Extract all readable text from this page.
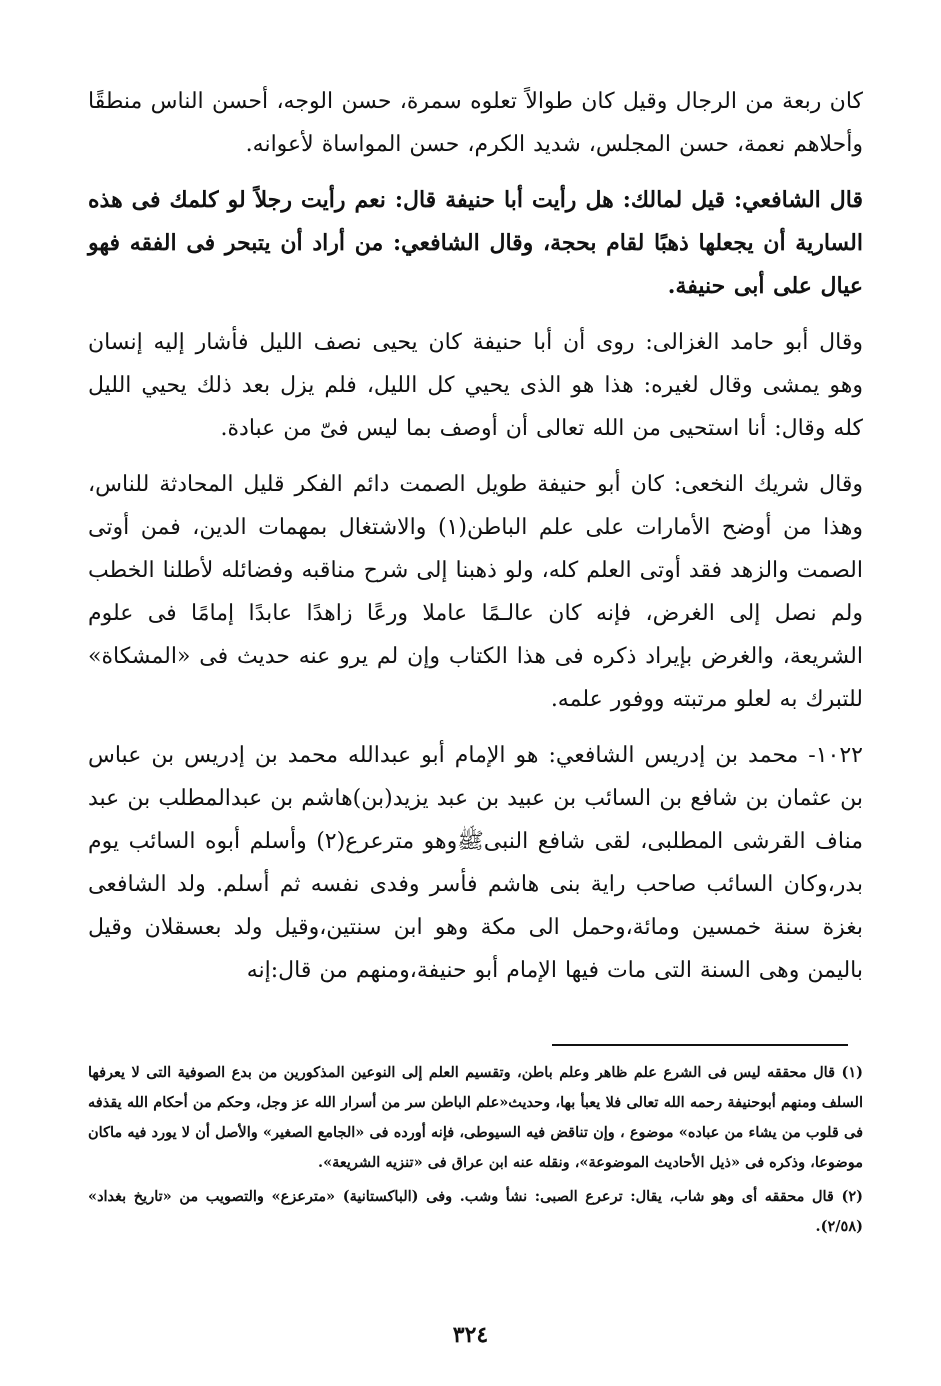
كان ربعة من الرجال وقيل كان طوالاً تعلوه سمرة، حسن الوجه، أحسن الناس منطقًا وأحلاهم نعمة، حسن المجلس، شديد الكرم، حسن المواساة لأعوانه.

قال الشافعي: قيل لمالك: هل رأيت أبا حنيفة قال: نعم رأيت رجلاً لو كلمك فى هذه السارية أن يجعلها ذهبًا لقام بحجة، وقال الشافعي: من أراد أن يتبحر فى الفقه فهو عيال على أبى حنيفة.

وقال أبو حامد الغزالى: روى أن أبا حنيفة كان يحيى نصف الليل فأشار إليه إنسان وهو يمشى وقال لغيره: هذا هو الذى يحيي كل الليل، فلم يزل بعد ذلك يحيي الليل كله وقال: أنا استحيى من الله تعالى أن أوصف بما ليس فىّ من عبادة.

وقال شريك النخعى: كان أبو حنيفة طويل الصمت دائم الفكر قليل المحادثة للناس، وهذا من أوضح الأمارات على علم الباطن(١) والاشتغال بمهمات الدين، فمن أوتى الصمت والزهد فقد أوتى العلم كله، ولو ذهبنا إلى شرح مناقبه وفضائله لأطلنا الخطب ولم نصل إلى الغرض، فإنه كان عالـمًا عاملا ورعًا زاهدًا عابدًا إمامًا فى علوم الشريعة، والغرض بإيراد ذكره فى هذا الكتاب وإن لم يرو عنه حديث فى «المشكاة» للتبرك به لعلو مرتبته ووفور علمه.

١٠٢٢- محمد بن إدريس الشافعي: هو الإمام أبو عبدالله محمد بن إدريس بن عباس بن عثمان بن شافع بن السائب بن عبيد بن عبد يزيد(بن)هاشم بن عبدالمطلب بن عبد مناف القرشى المطلبى، لقى شافع النبىﷺوهو مترعرع(٢) وأسلم أبوه السائب يوم بدر،وكان السائب صاحب راية بنى هاشم فأسر وفدى نفسه ثم أسلم. ولد الشافعى بغزة سنة خمسين ومائة،وحمل الى مكة وهو ابن سنتين،وقيل ولد بعسقلان وقيل باليمن وهى السنة التى مات فيها الإمام أبو حنيفة،ومنهم من قال:إنه

(١) قال محققه ليس فى الشرع علم ظاهر وعلم باطن، وتقسيم العلم إلى النوعين المذكورين من بدع الصوفية التى لا يعرفها السلف ومنهم أبوحنيفة رحمه الله تعالى فلا يعبأ بها، وحديث«علم الباطن سر من أسرار الله عز وجل، وحكم من أحكام الله يقذفه فى قلوب من يشاء من عباده» موضوع ، وإن تناقض فيه السيوطى، فإنه أورده فى «الجامع الصغير» والأصل أن لا يورد فيه ماكان موضوعا، وذكره فى «ذيل الأحاديث الموضوعة»، ونقله عنه ابن عراق فى «تنزيه الشريعة».

(٢) قال محققه أى وهو شاب، يقال: ترعرع الصبى: نشأ وشب. وفى (الباكستانية) «مترعزع» والتصويب من «تاريخ بغداد» (٢/٥٨).

٣٢٤
